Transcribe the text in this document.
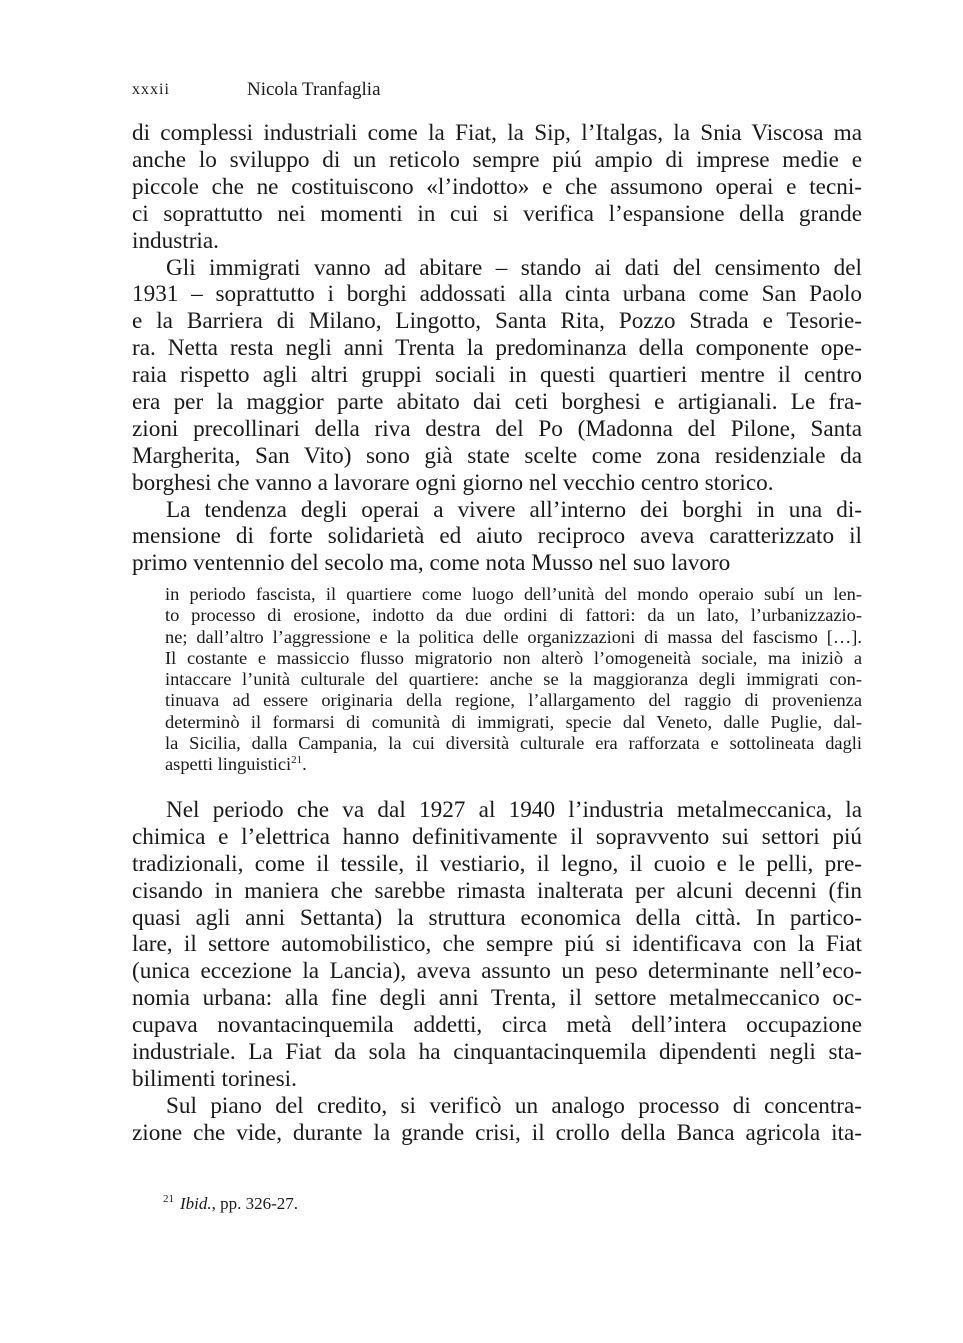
xxxii	Nicola Tranfaglia
di complessi industriali come la Fiat, la Sip, l’Italgas, la Snia Viscosa ma
anche lo sviluppo di un reticolo sempre piú ampio di imprese medie e
piccole che ne costituiscono «l’indotto» e che assumono operai e tecni-
ci soprattutto nei momenti in cui si verifica l’espansione della grande
industria.
Gli immigrati vanno ad abitare – stando ai dati del censimento del
1931 – soprattutto i borghi addossati alla cinta urbana come San Paolo
e la Barriera di Milano, Lingotto, Santa Rita, Pozzo Strada e Tesorie-
ra. Netta resta negli anni Trenta la predominanza della componente ope-
raia rispetto agli altri gruppi sociali in questi quartieri mentre il centro
era per la maggior parte abitato dai ceti borghesi e artigianali. Le fra-
zioni precollinari della riva destra del Po (Madonna del Pilone, Santa
Margherita, San Vito) sono già state scelte come zona residenziale da
borghesi che vanno a lavorare ogni giorno nel vecchio centro storico.
La tendenza degli operai a vivere all’interno dei borghi in una di-
mensione di forte solidarietà ed aiuto reciproco aveva caratterizzato il
primo ventennio del secolo ma, come nota Musso nel suo lavoro
in periodo fascista, il quartiere come luogo dell’unità del mondo operaio subí un len-
to processo di erosione, indotto da due ordini di fattori: da un lato, l’urbanizzazio-
ne; dall’altro l’aggressione e la politica delle organizzazioni di massa del fascismo […].
Il costante e massiccio flusso migratorio non alterò l’omogeneità sociale, ma iniziò a
intaccare l’unità culturale del quartiere: anche se la maggioranza degli immigrati con-
tinuava ad essere originaria della regione, l’allargamento del raggio di provenienza
determinò il formarsi di comunità di immigrati, specie dal Veneto, dalle Puglie, dal-
la Sicilia, dalla Campania, la cui diversità culturale era rafforzata e sottolineata dagli
aspetti linguistici$^{21}$.
Nel periodo che va dal 1927 al 1940 l’industria metalmeccanica, la
chimica e l’elettrica hanno definitivamente il sopravvento sui settori piú
tradizionali, come il tessile, il vestiario, il legno, il cuoio e le pelli, pre-
cisando in maniera che sarebbe rimasta inalterata per alcuni decenni (fin
quasi agli anni Settanta) la struttura economica della città. In partico-
lare, il settore automobilistico, che sempre piú si identificava con la Fiat
(unica eccezione la Lancia), aveva assunto un peso determinante nell’eco-
nomia urbana: alla fine degli anni Trenta, il settore metalmeccanico oc-
cupava novantacinquemila addetti, circa metà dell’intera occupazione
industriale. La Fiat da sola ha cinquantacinquemila dipendenti negli sta-
bilimenti torinesi.
Sul piano del credito, si verificò un analogo processo di concentra-
zione che vide, durante la grande crisi, il crollo della Banca agricola ita-
$^{21}$ Ibid., pp. 326-27.
